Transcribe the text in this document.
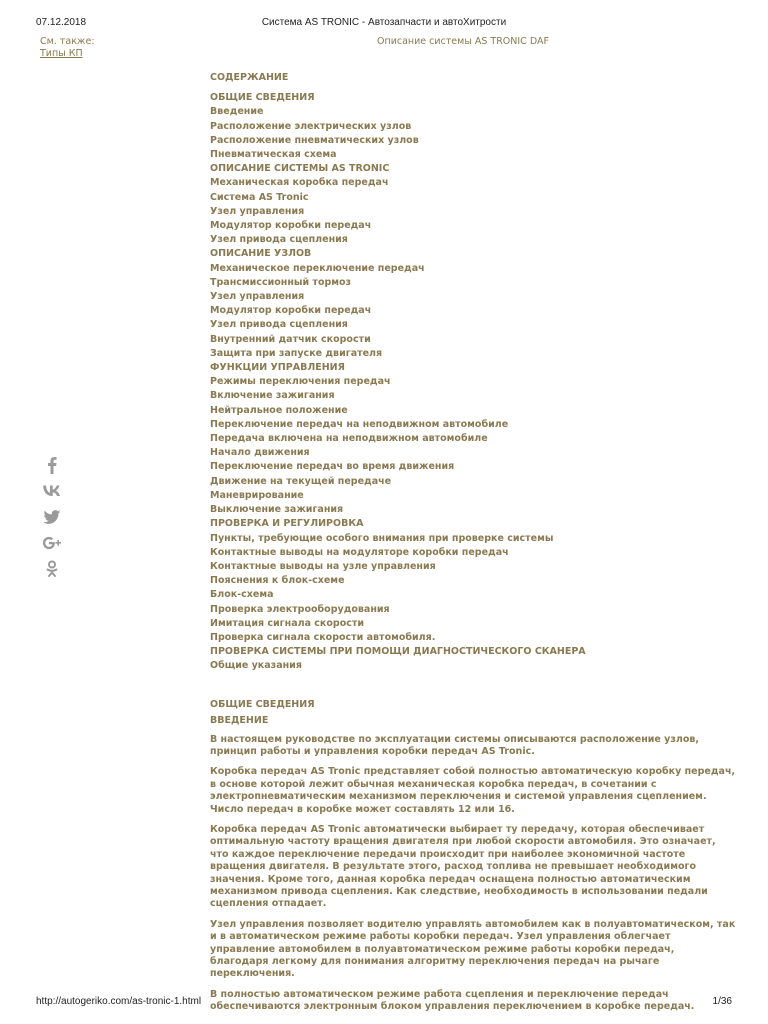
07.12.2018	Система AS TRONIC - Автозапчасти и автоХитрости
См. также:
Типы КП
Описание системы AS TRONIC DAF
СОДЕРЖАНИЕ
ОБЩИЕ СВЕДЕНИЯ
Введение
Расположение электрических узлов
Расположение пневматических узлов
Пневматическая схема
ОПИСАНИЕ СИСТЕМЫ AS TRONIC
Механическая коробка передач
Система AS Tronic
Узел управления
Модулятор коробки передач
Узел привода сцепления
ОПИСАНИЕ УЗЛОВ
Механическое переключение передач
Трансмиссионный тормоз
Узел управления
Модулятор коробки передач
Узел привода сцепления
Внутренний датчик скорости
Защита при запуске двигателя
ФУНКЦИИ УПРАВЛЕНИЯ
Режимы переключения передач
Включение зажигания
Нейтральное положение
Переключение передач на неподвижном автомобиле
Передача включена на неподвижном автомобиле
Начало движения
Переключение передач во время движения
Движение на текущей передаче
Маневрирование
Выключение зажигания
ПРОВЕРКА И РЕГУЛИРОВКА
Пункты, требующие особого внимания при проверке системы
Контактные выводы на модуляторе коробки передач
Контактные выводы на узле управления
Пояснения к блок-схеме
Блок-схема
Проверка электрооборудования
Имитация сигнала скорости
Проверка сигнала скорости автомобиля.
ПРОВЕРКА СИСТЕМЫ ПРИ ПОМОЩИ ДИАГНОСТИЧЕСКОГО СКАНЕРА
Общие указания
ОБЩИЕ СВЕДЕНИЯ
ВВЕДЕНИЕ

В настоящем руководстве по эксплуатации системы описываются расположение узлов, принцип работы и управления коробки передач AS Tronic.

Коробка передач AS Tronic представляет собой полностью автоматическую коробку передач, в основе которой лежит обычная механическая коробка передач, в сочетании с электропневматическим механизмом переключения и системой управления сцеплением. Число передач в коробке может составлять 12 или 16.

Коробка передач AS Tronic автоматически выбирает ту передачу, которая обеспечивает оптимальную частоту вращения двигателя при любой скорости автомобиля. Это означает, что каждое переключение передачи происходит при наиболее экономичной частоте вращения двигателя. В результате этого, расход топлива не превышает необходимого значения. Кроме того, данная коробка передач оснащена полностью автоматическим механизмом привода сцепления. Как следствие, необходимость в использовании педали сцепления отпадает.

Узел управления позволяет водителю управлять автомобилем как в полуавтоматическом, так и в автоматическом режиме работы коробки передач. Узел управления облегчает управление автомобилем в полуавтоматическом режиме работы коробки передач, благодаря легкому для понимания алгоритму переключения передач на рычаге переключения.

В полностью автоматическом режиме работа сцепления и переключение передач обеспечиваются электронным блоком управления переключением в коробке передач.

http://autogeriko.com/as-tronic-1.html	1/36
